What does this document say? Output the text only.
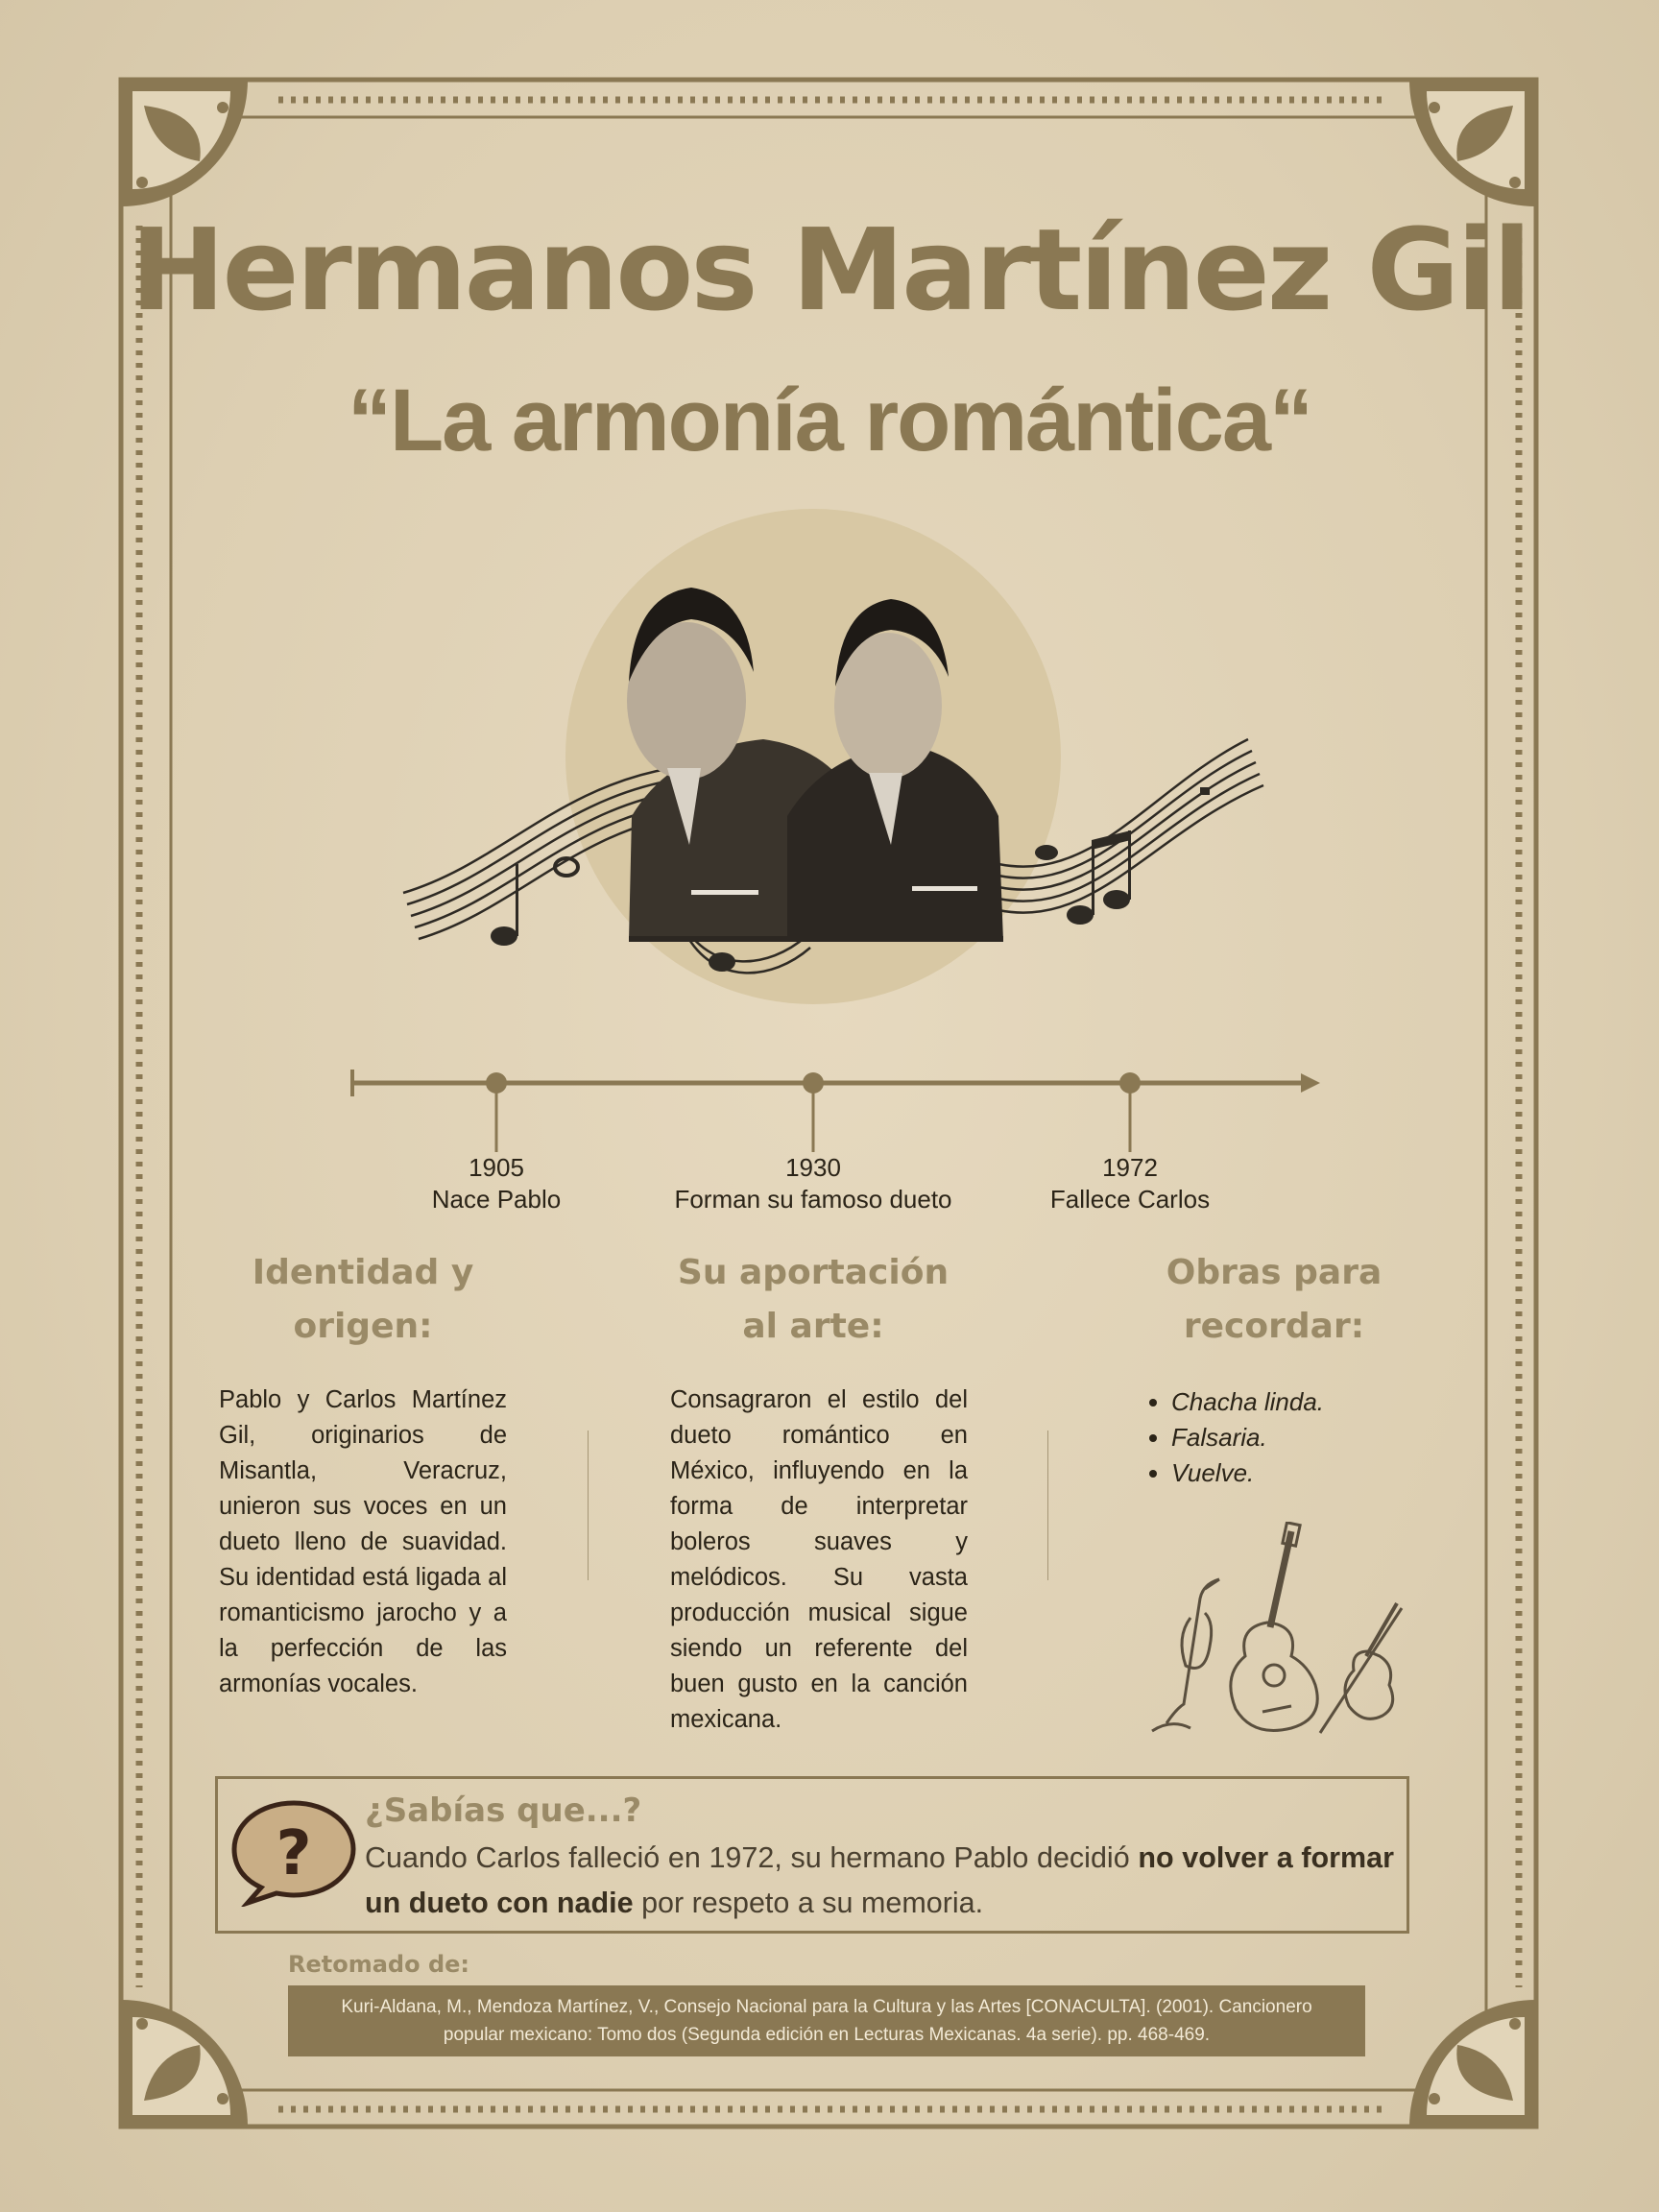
Hermanos Martínez Gil
“La armonía romántica“
1905
Nace Pablo
1930
Forman su famoso dueto
1972
Fallece Carlos
Identidad y
origen:
Su aportación
al arte:
Obras para
recordar:

Pablo y Carlos Martínez Gil, originarios de Misantla, Veracruz, unieron sus voces en un dueto lleno de suavidad. Su identidad está ligada al romanticismo jarocho y a la perfección de las armonías vocales.

Consagraron el estilo del dueto romántico en México, influyendo en la forma de interpretar boleros suaves y melódicos. Su vasta producción musical sigue siendo un referente del buen gusto en la canción mexicana.

• Chacha linda.
• Falsaria.
• Vuelve.
?

¿Sabías que...?

Cuando Carlos falleció en 1972, su hermano Pablo decidió no volver a formar un dueto con nadie por respeto a su memoria.

Retomado de:
Kuri-Aldana, M., Mendoza Martínez, V., Consejo Nacional para la Cultura y las Artes [CONACULTA]. (2001). Cancionero
popular mexicano: Tomo dos (Segunda edición en Lecturas Mexicanas. 4a serie). pp. 468-469.
